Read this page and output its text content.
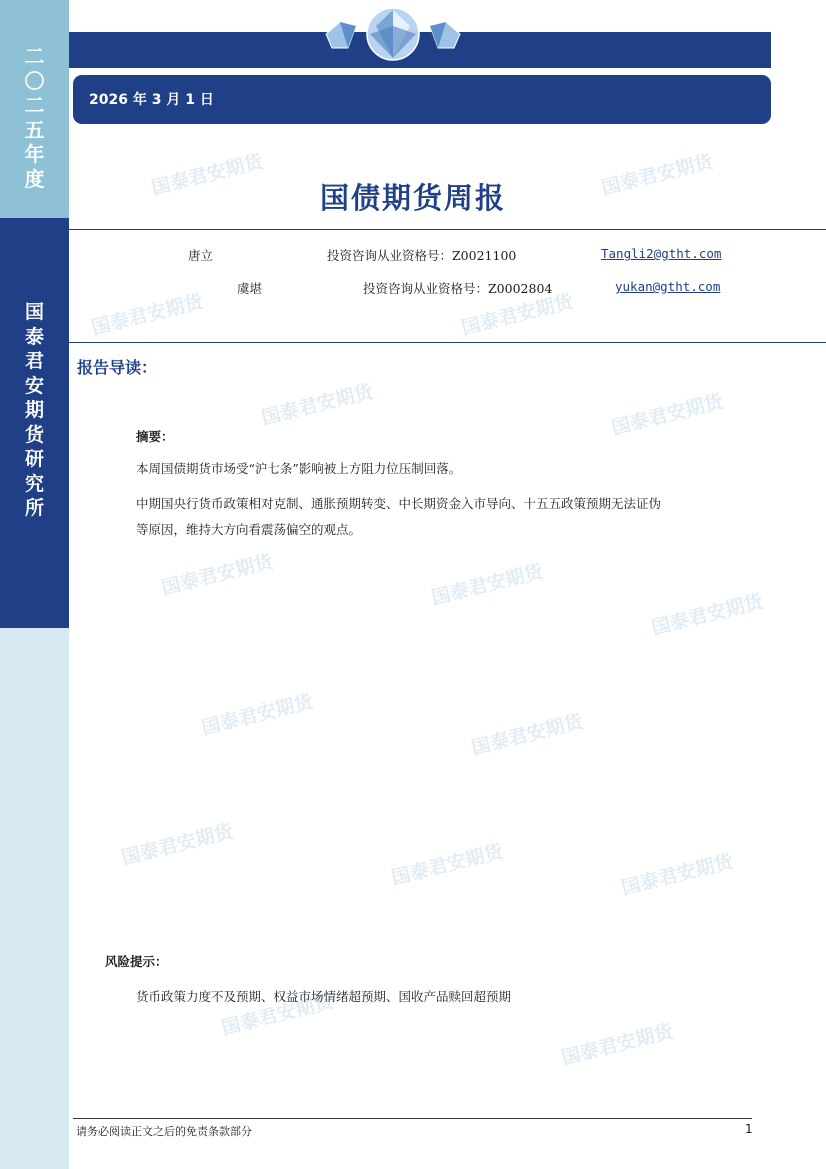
二
〇
二
五
年
度
国
泰
君
安
期
货
研
究
所
国泰君安期货	国泰君安期货
国泰君安期货	国泰君安期货
国泰君安期货	国泰君安期货
国泰君安期货	国泰君安期货
国泰君安期货
国泰君安期货	国泰君安期货
国泰君安期货	国泰君安期货	国泰君安期货
国泰君安期货
国泰君安期货
2026 年 3 月 1 日
国债期货周报
唐立	投资咨询从业资格号：Z0021100	Tangli2@gtht.com
虞堪	投资咨询从业资格号：Z0002804	yukan@gtht.com
报告导读：
摘要：
本周国债期货市场受“沪七条”影响被上方阻力位压制回落。
中期国央行货币政策相对克制、通胀预期转变、中长期资金入市导向、十五五政策预期无法证伪
等原因，维持大方向看震荡偏空的观点。
风险提示：
货币政策力度不及预期、权益市场情绪超预期、国收产品赎回超预期
请务必阅读正文之后的免责条款部分	1
